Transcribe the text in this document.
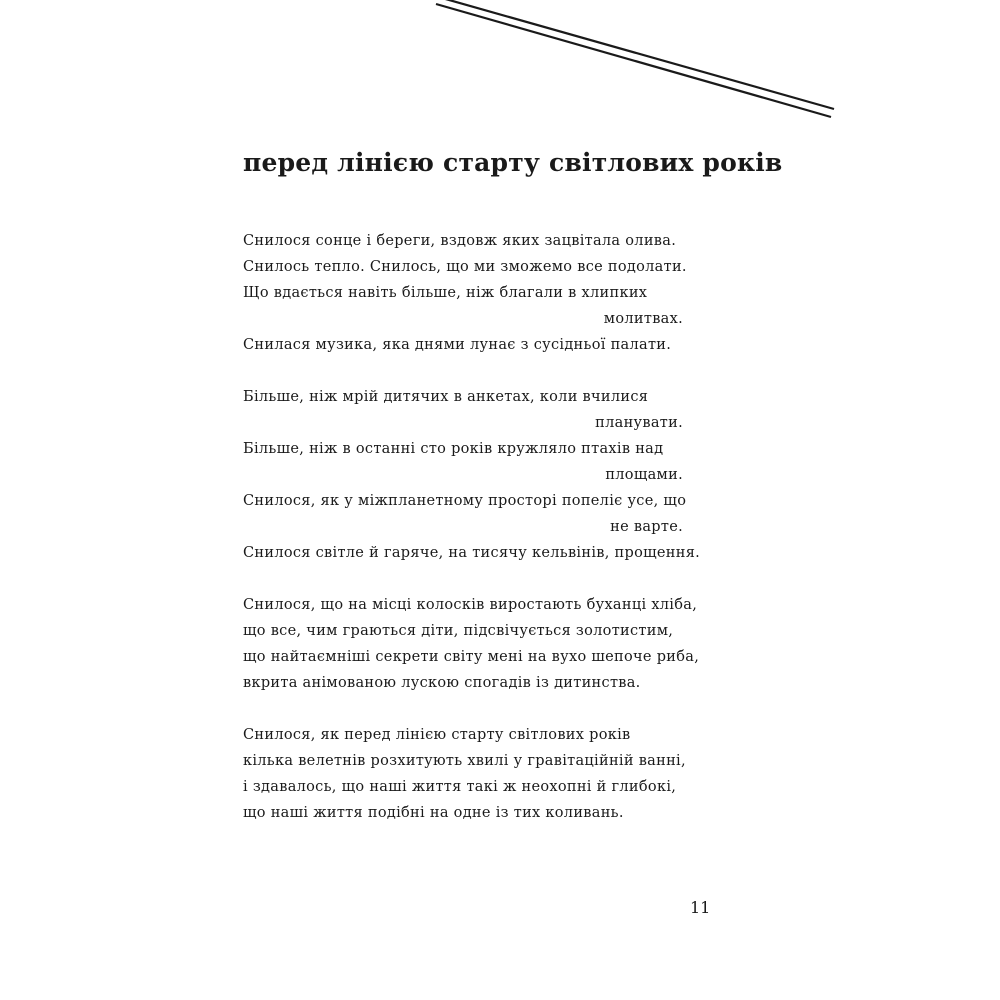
перед лінією старту світлових років
Снилося сонце і береги, вздовж яких зацвітала олива.
Снилось тепло. Снилось, що ми зможемо все подолати.
Що вдається навіть більше, ніж благали в хлипких
молитвах.
Снилася музика, яка днями лунає з сусідньої палати.
Більше, ніж мрій дитячих в анкетах, коли вчилися
планувати.
Більше, ніж в останні сто років кружляло птахів над
площами.
Снилося, як у міжпланетному просторі попеліє усе, що
не варте.
Снилося світле й гаряче, на тисячу кельвінів, прощення.
Снилося, що на місці колосків виростають буханці хліба,
що все, чим граються діти, підсвічується золотистим,
що найтаємніші секрети світу мені на вухо шепоче риба,
вкрита анімованою лускою спогадів із дитинства.
Снилося, як перед лінією старту світлових років
кілька велетнів розхитують хвилі у гравітаційній ванні,
і здавалось, що наші життя такі ж неохопні й глибокі,
що наші життя подібні на одне із тих коливань.
11
